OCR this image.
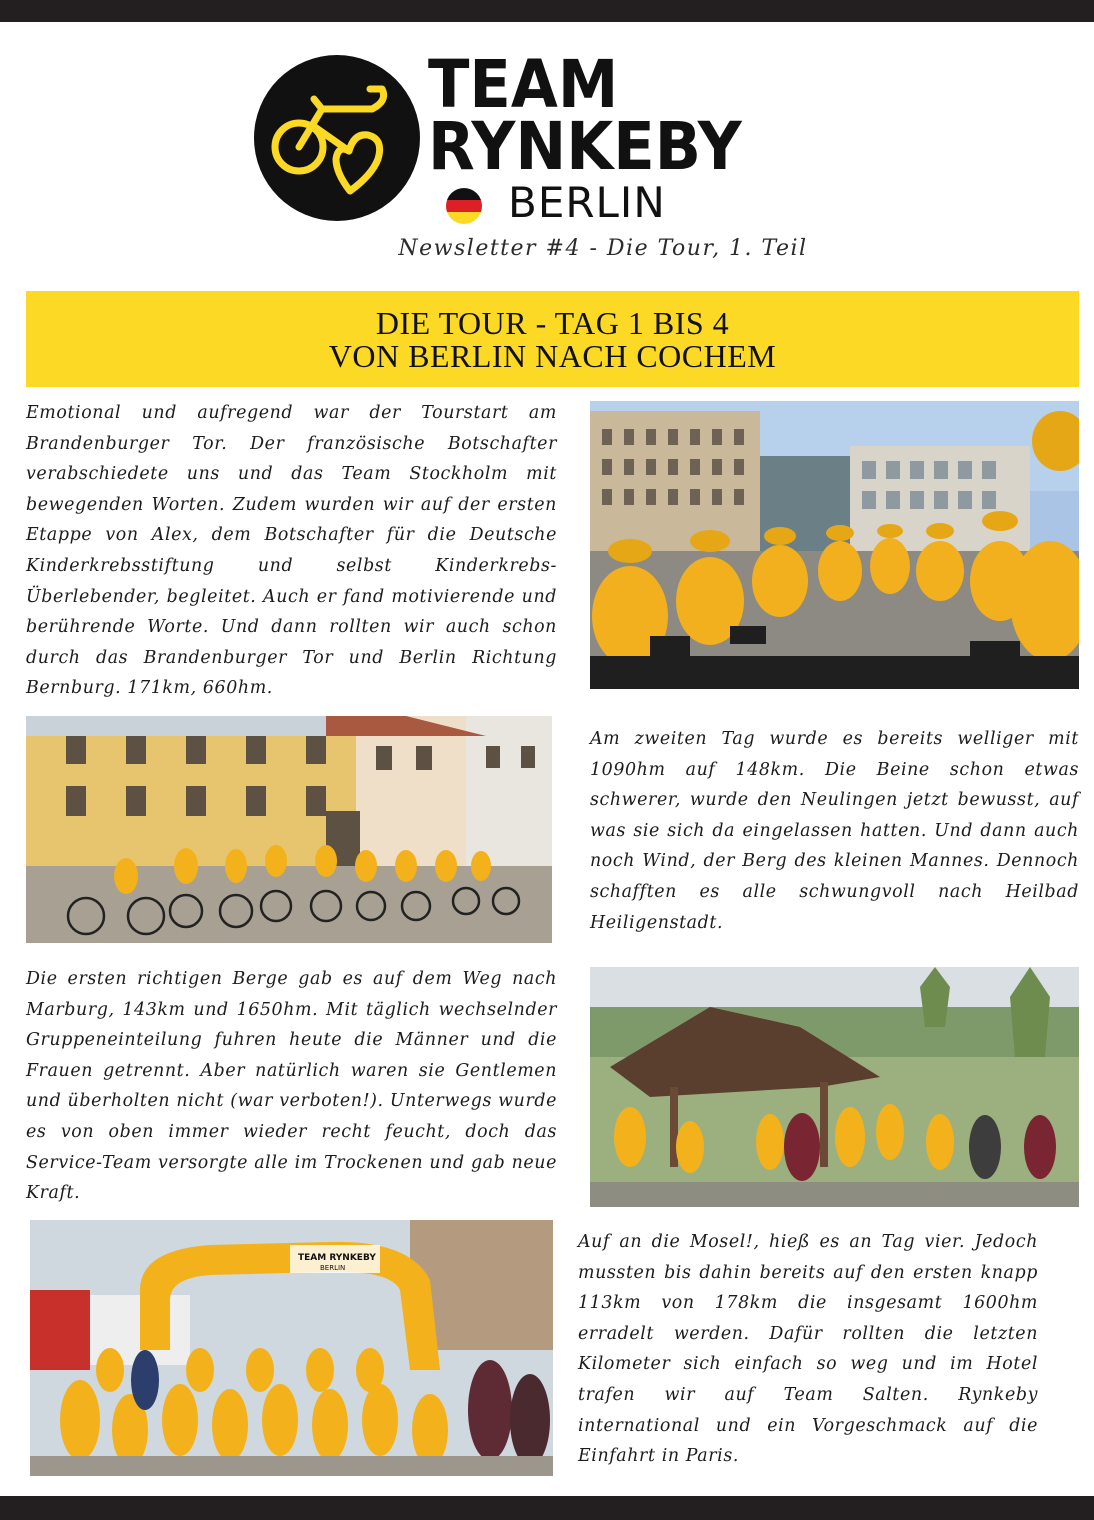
TEAM
RYNKEBY
BERLIN
Newsletter #4 - Die Tour, 1. Teil
DIE TOUR - TAG 1 BIS 4
VON BERLIN NACH COCHEM
Emotional und aufregend war der Tourstart am Brandenburger Tor. Der französische Botschafter verabschiedete uns und das Team Stockholm mit bewegenden Worten. Zudem wurden wir auf der ersten Etappe von Alex, dem Botschafter für die Deutsche Kinderkrebsstiftung und selbst Kinderkrebs-Überlebender, begleitet. Auch er fand motivierende und berührende Worte. Und dann rollten wir auch schon durch das Brandenburger Tor und Berlin Richtung Bernburg. 171km, 660hm.
Am zweiten Tag wurde es bereits welliger mit 1090hm auf 148km. Die Beine schon etwas schwerer, wurde den Neulingen jetzt bewusst, auf was sie sich da eingelassen hatten. Und dann auch noch Wind, der Berg des kleinen Mannes. Dennoch schafften es alle schwungvoll nach Heilbad Heiligenstadt.
Die ersten richtigen Berge gab es auf dem Weg nach Marburg, 143km und 1650hm. Mit täglich wechselnder Gruppeneinteilung fuhren heute die Männer und die Frauen getrennt. Aber natürlich waren sie Gentlemen und überholten nicht (war verboten!). Unterwegs wurde es von oben immer wieder recht feucht, doch das Service-Team versorgte alle im Trockenen und gab neue Kraft.
TEAM RYNKEBY
BERLIN
Auf an die Mosel!, hieß es an Tag vier. Jedoch mussten bis dahin bereits auf den ersten knapp 113km von 178km die insgesamt 1600hm erradelt werden. Dafür rollten die letzten Kilometer sich einfach so weg und im Hotel trafen wir auf Team Salten. Rynkeby international und ein Vorgeschmack auf die Einfahrt in Paris.
